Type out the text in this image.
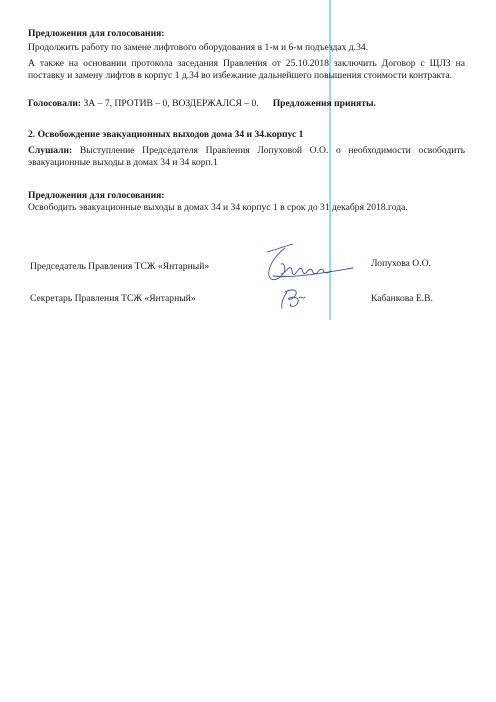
Предложения для голосования:
Продолжить работу по замене лифтового оборудования в 1-м и 6-м подъездах д.34.
А также на основании протокола заседания Правления от 25.10.2018 заключить Договор с ЩЛЗ на поставку и замену лифтов в корпус 1 д.34 во избежание дальнейшего повышения стоимости контракта.
Голосовали: ЗА – 7, ПРОТИВ – 0, ВОЗДЕРЖАЛСЯ – 0. Предложения приняты.
2. Освобождение эвакуационных выходов дома 34 и 34.корпус 1
Слушали: Выступление Председателя Правления Лопуховой О.О. о необходимости освободить эвакуационные выходы в домах 34 и 34 корп.1
Предложения для голосования:
Освободить эвакуационные выходы в домах 34 и 34 корпус 1 в срок до 31 декабря 2018.года.
Председатель Правления ТСЖ «Янтарный»	Лопухова О.О.
Секретарь Правления ТСЖ «Янтарный»	Кабанкова Е.В.
